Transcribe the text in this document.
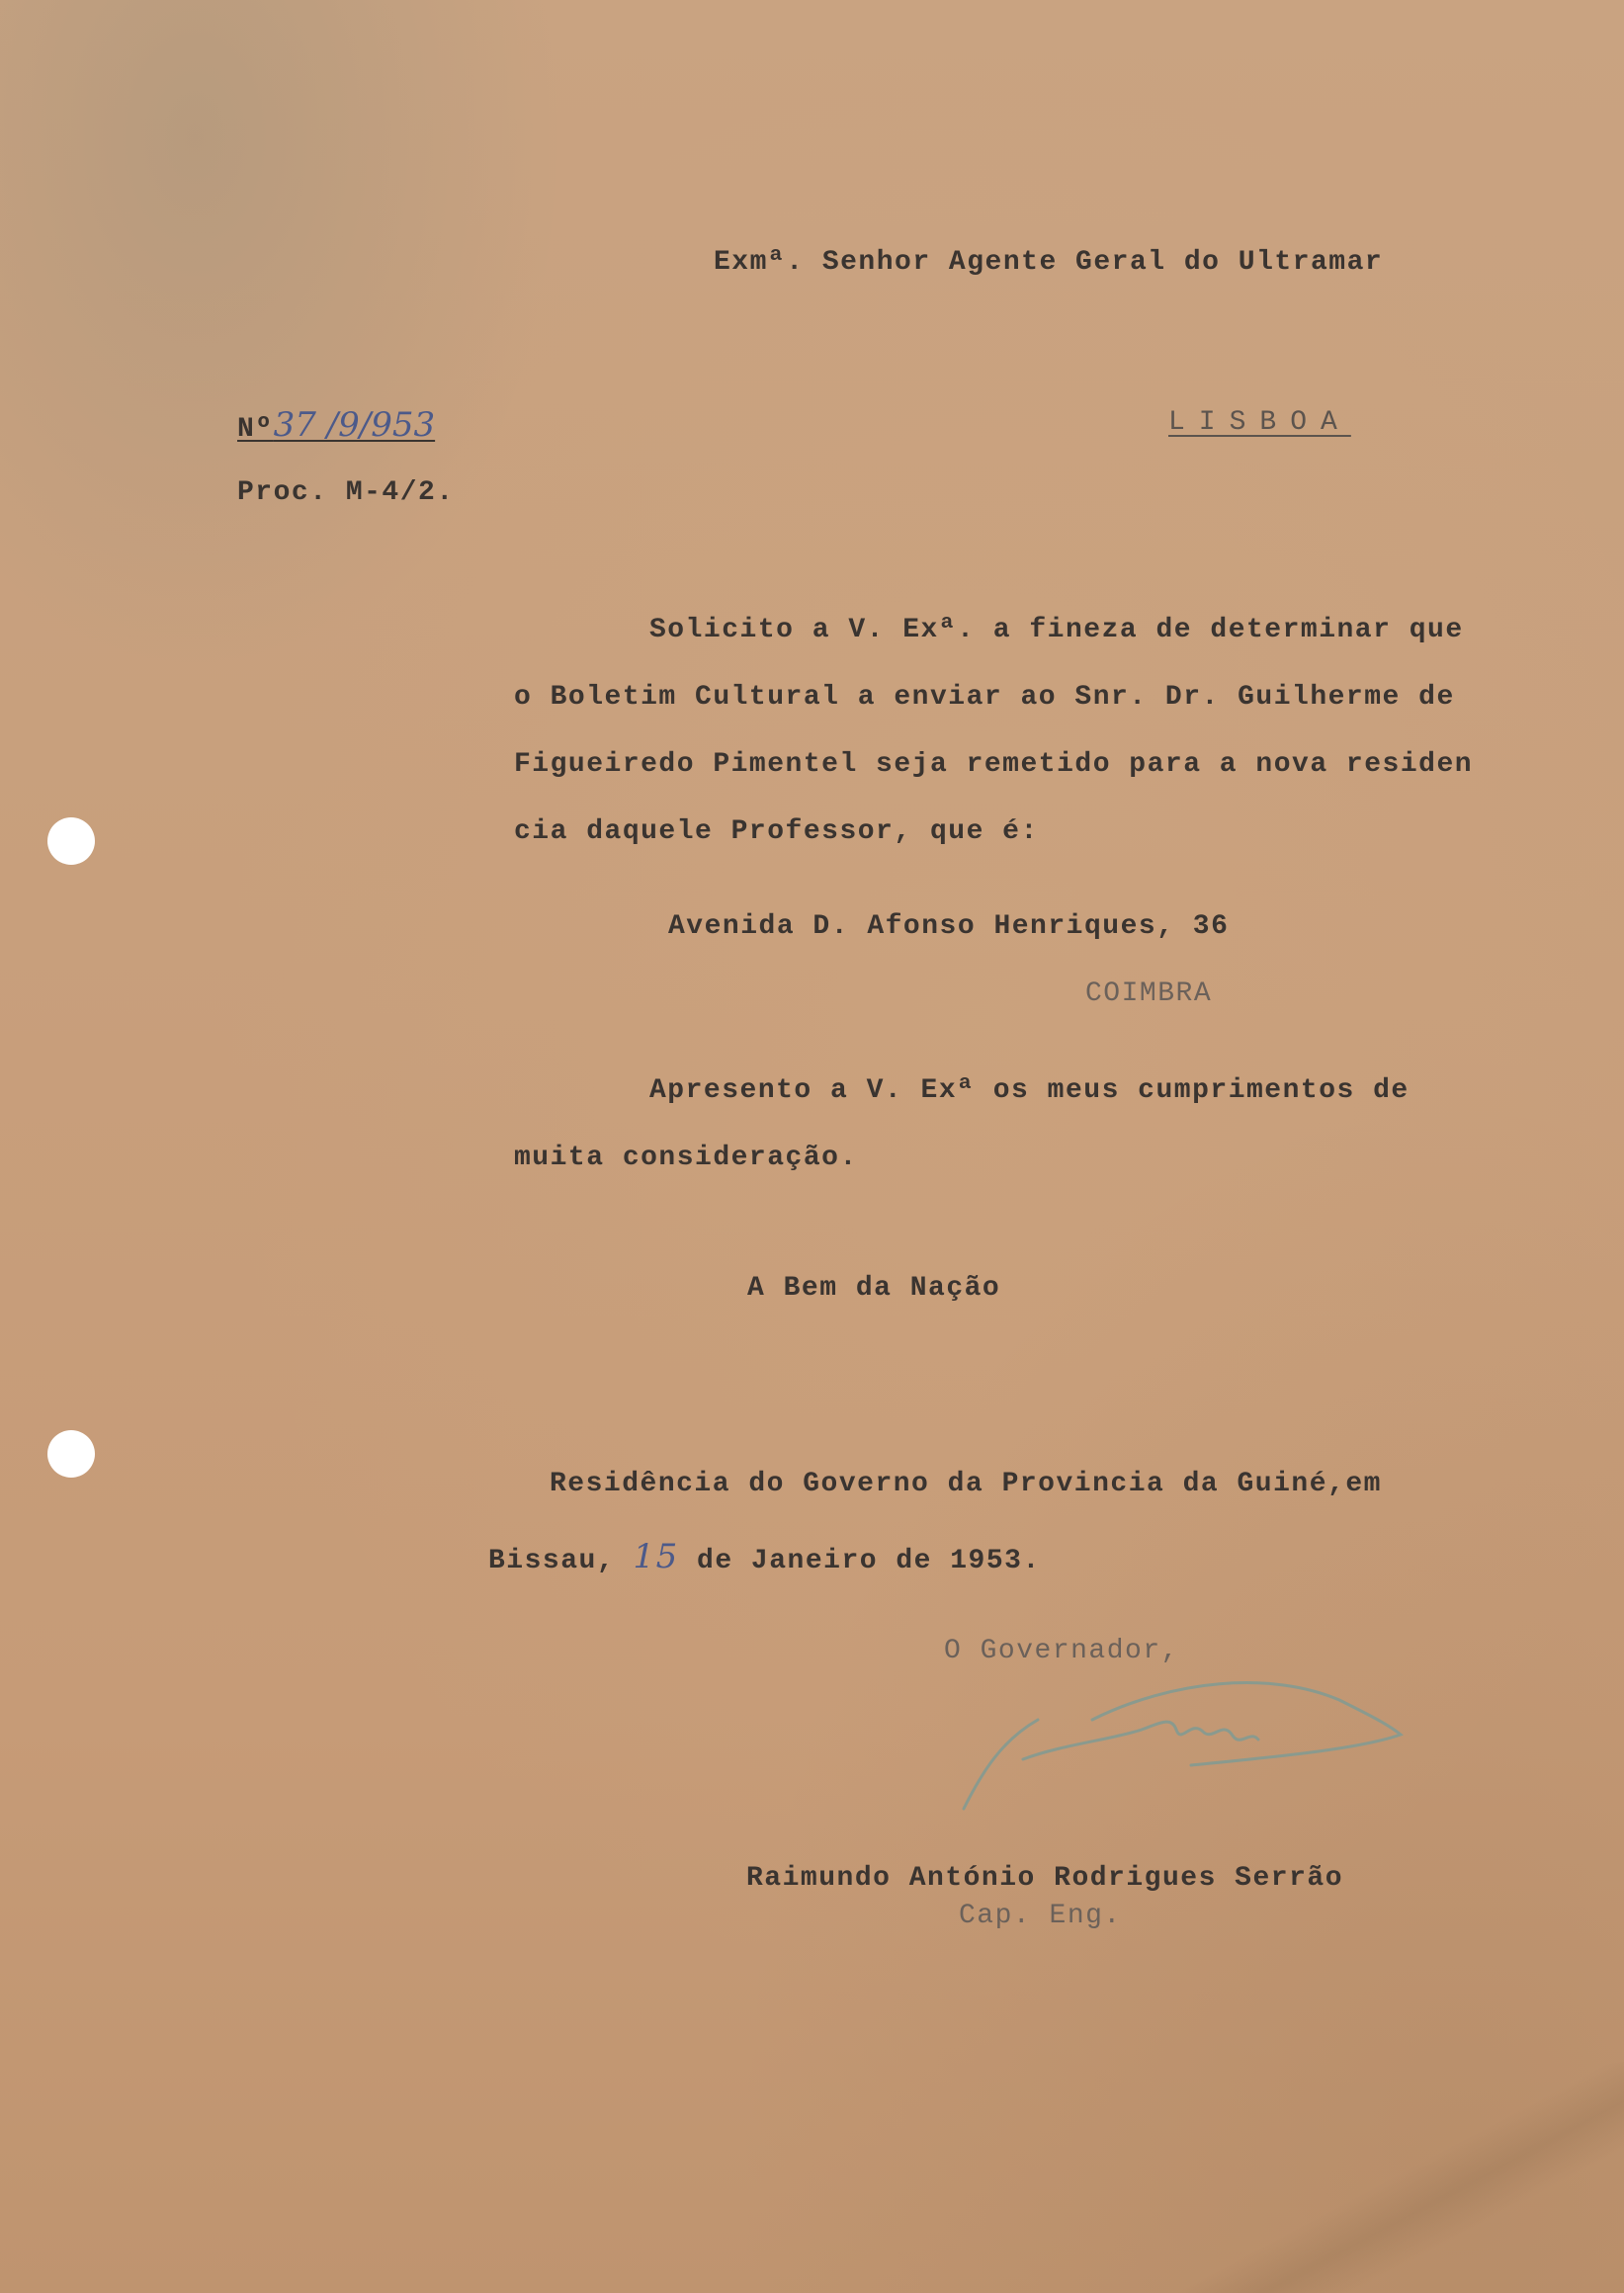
Exmª. Senhor Agente Geral do Ultramar
Nº37 /9/953	LISBOA
Proc. M-4/2.
Solicito a V. Exª. a fineza de determinar que
o Boletim Cultural a enviar ao Snr. Dr. Guilherme de
Figueiredo Pimentel seja remetido para a nova residen
cia daquele Professor, que é:
Avenida D. Afonso Henriques, 36
COIMBRA
Apresento a V. Exª os meus cumprimentos de
muita consideração.
A Bem da Nação
Residência do Governo da Provincia da Guiné,em
Bissau, 15 de Janeiro de 1953.
O Governador,
Raimundo António Rodrigues Serrão
Cap. Eng.
